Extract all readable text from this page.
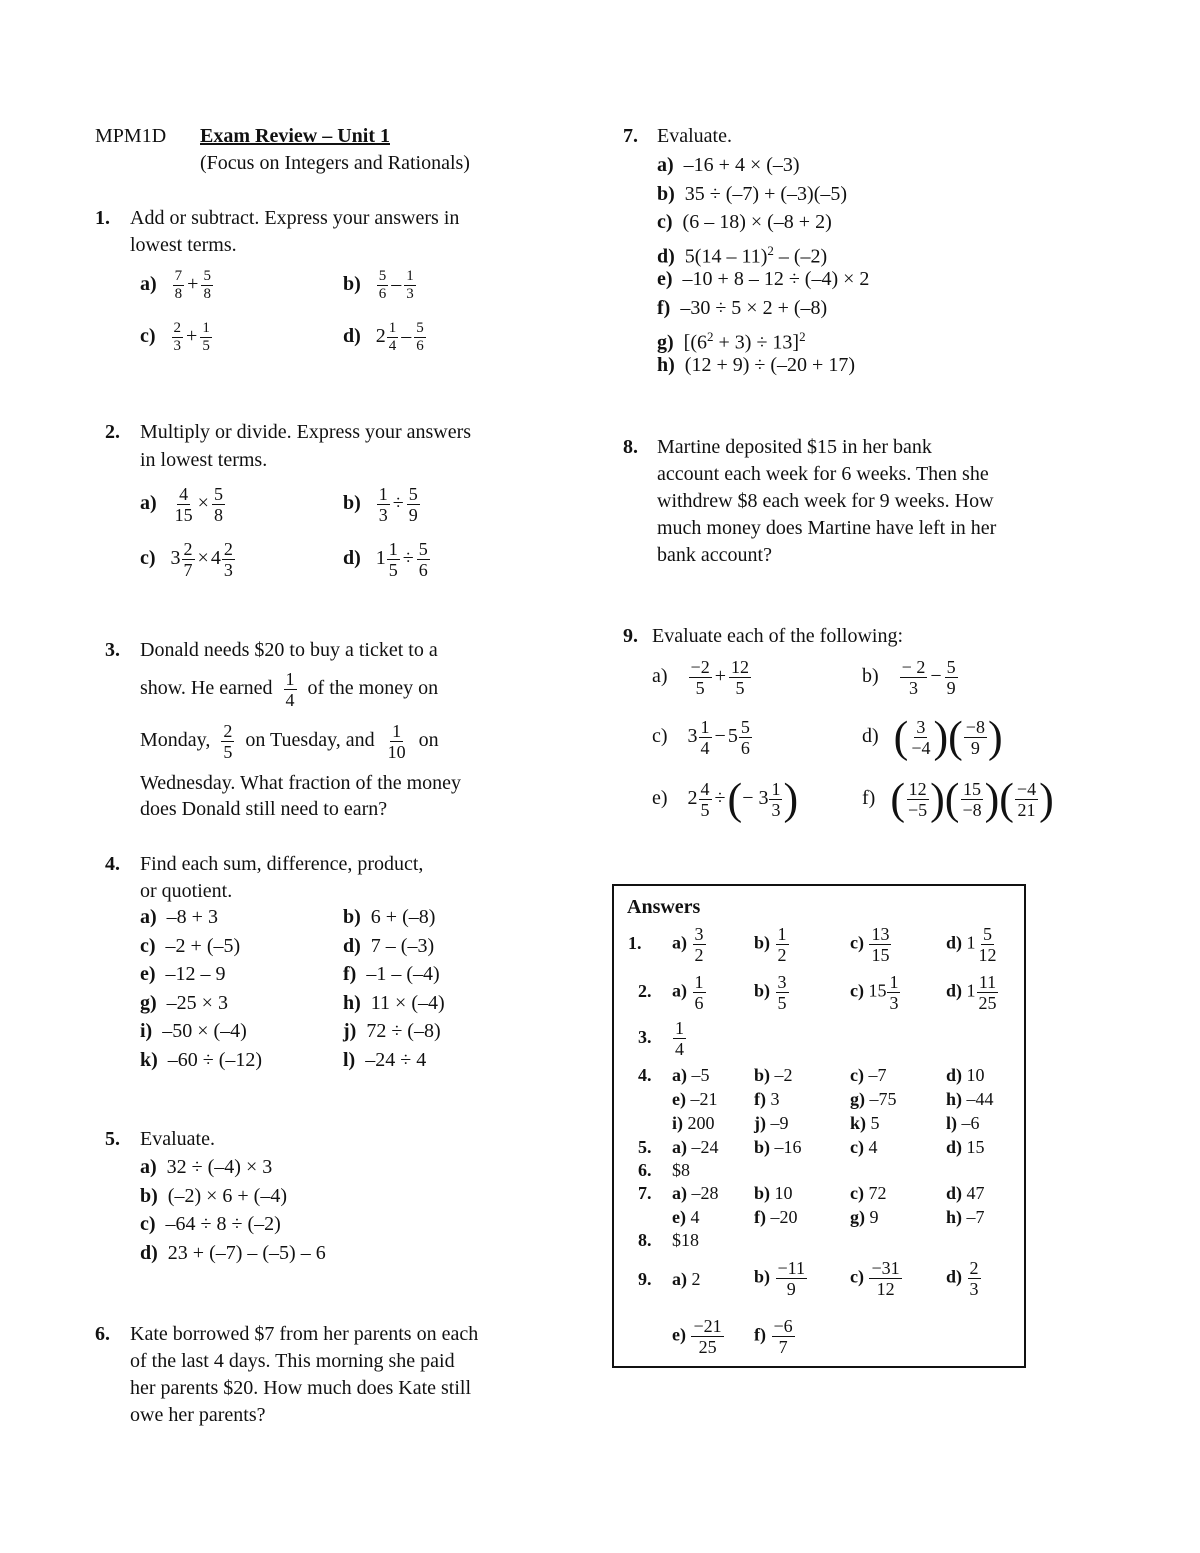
MPM1D Exam Review – Unit 1
(Focus on Integers and Rationals)
1. Add or subtract. Express your answers in
lowest terms.
$a) \frac{7}{8} + \frac{5}{8}$	$b) \frac{5}{6} - \frac{1}{3}$
$c) \frac{2}{3} + \frac{1}{5}$	d) $2 \frac{1}{4} - \frac{5}{6}$
2. Multiply or divide. Express your answers
in lowest terms.
$a) \frac{4}{15} \times \frac{5}{8}$	$b) \frac{1}{3} \div \frac{5}{9}$
c) $3 \frac{2}{7} \times 4 \frac{2}{3}$	d) $1 \frac{1}{5} \div \frac{5}{6}$
3. Donald needs $20 to buy a ticket to a
show. He earned $\frac{1}{4}$ of the money on
Monday, $\frac{2}{5}$ on Tuesday, and $\frac{1}{10}$ on
Wednesday. What fraction of the money
does Donald still need to earn?
4. Find each sum, difference, product,
or quotient.
a) –8 + 3	b) 6 + (–8)
c) –2 + (–5)	d) 7 – (–3)
e) –12 – 9	f) –1 – (–4)
g) –25 × 3	h) 11 × (–4)
i) –50 × (–4)	j) 72 ÷ (–8)
k) –60 ÷ (–12)	l) –24 ÷ 4
5. Evaluate.
a) 32 ÷ (–4) × 3
b) (–2) × 6 + (–4)
c) –64 ÷ 8 ÷ (–2)
d) 23 + (–7) – (–5) – 6
6. Kate borrowed $7 from her parents on each
of the last 4 days. This morning she paid
her parents $20. How much does Kate still
owe her parents?
7. Evaluate.
a) –16 + 4 × (–3)
b) 35 ÷ (–7) + (–3)(–5)
c) (6 – 18) × (–8 + 2)
d) 5(14 – 11)$^2$ – (–2)
e) –10 + 8 – 12 ÷ (–4) × 2
f) –30 ÷ 5 × 2 + (–8)
g) $[(6^2 + 3) \div 13]^2$
h) (12 + 9) ÷ (–20 + 17)
8. Martine deposited $15 in her bank
account each week for 6 weeks. Then she
withdrew $8 each week for 9 weeks. How
much money does Martine have left in her
bank account?
9. Evaluate each of the following:
$a) \frac{-2}{5} + \frac{12}{5}$	$b) \frac{- 2}{3} - \frac{5}{9}$
c) $3 \frac{1}{4} - 5 \frac{5}{6}$	d) ( $\frac{3}{-4}$ )( $\frac{-8}{9}$ )
e) $2 \frac{4}{5}$ ÷(− $3 \frac{1}{3}$ )	f) ( $\frac{12}{-5}$ )( $\frac{15}{-8}$ )( $\frac{-4}{21}$ )
Answers
1. $a) \frac{3}{2}$	$b) \frac{1}{2}$	$c) \frac{13}{15}$	d) $1 \frac{5}{12}$
2. $a) \frac{1}{6}$	$b) \frac{3}{5}$	c) $15 \frac{1}{3}$	d) $1 \frac{11}{25}$
3. $\frac{1}{4}$
4. a) –5 b) –2	c) –7	d) 10
e) –21 f) 3	g) –75	h) –44
i) 200 j) –9	k) 5	l) –6
5. a) –24 b) –16	c) 4	d) 15
6. $8
7. a) –28 b) 10	c) 72	d) 47
e) 4	f) –20	g) 9	h) –7
8. $18
9. a) 2	$b) \frac{-11}{9} c) \frac{-31}{12} d) \frac{2}{3}$
$e) \frac{-21}{25} f) \frac{-6}{7}$
